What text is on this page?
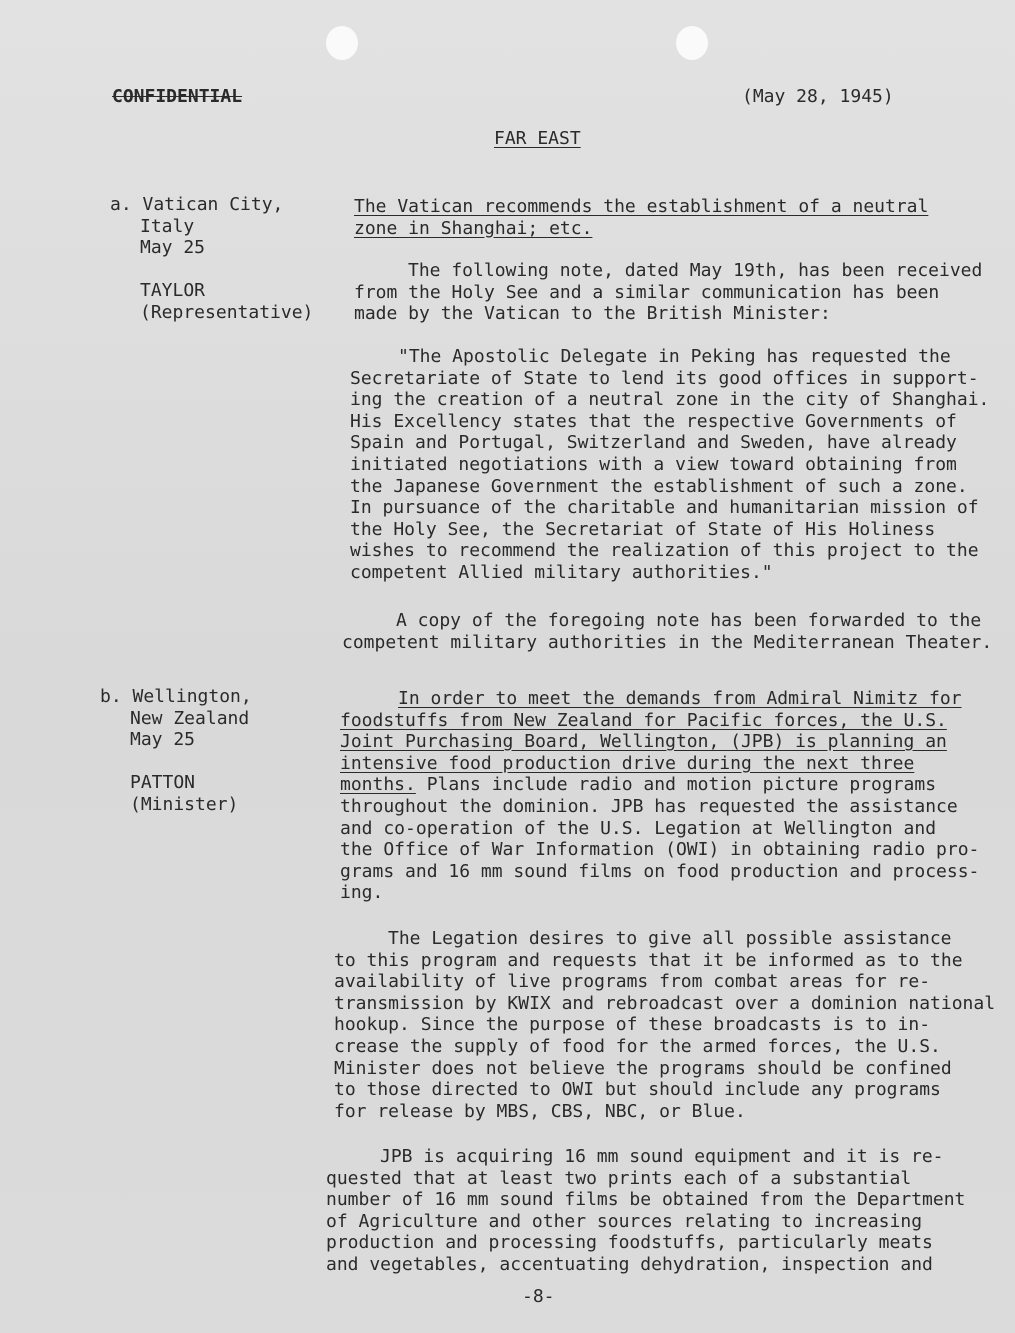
CONFIDENTIAL	(May 28, 1945)
FAR EAST
a. Vatican City,
Italy
May 25

TAYLOR
(Representative)
The Vatican recommends the establishment of a neutral
zone in Shanghai; etc.
The following note, dated May 19th, has been received
from the Holy See and a similar communication has been
made by the Vatican to the British Minister:
"The Apostolic Delegate in Peking has requested the
Secretariate of State to lend its good offices in support-
ing the creation of a neutral zone in the city of Shanghai.
His Excellency states that the respective Governments of
Spain and Portugal, Switzerland and Sweden, have already
initiated negotiations with a view toward obtaining from
the Japanese Government the establishment of such a zone.
In pursuance of the charitable and humanitarian mission of
the Holy See, the Secretariat of State of His Holiness
wishes to recommend the realization of this project to the
competent Allied military authorities."
A copy of the foregoing note has been forwarded to the
competent military authorities in the Mediterranean Theater.
b. Wellington,
New Zealand
May 25

PATTON
(Minister)
In order to meet the demands from Admiral Nimitz for
foodstuffs from New Zealand for Pacific forces, the U.S.
Joint Purchasing Board, Wellington, (JPB) is planning an
intensive food production drive during the next three
months. Plans include radio and motion picture programs
throughout the dominion. JPB has requested the assistance
and co-operation of the U.S. Legation at Wellington and
the Office of War Information (OWI) in obtaining radio pro-
grams and 16 mm sound films on food production and process-
ing.
The Legation desires to give all possible assistance
to this program and requests that it be informed as to the
availability of live programs from combat areas for re-
transmission by KWIX and rebroadcast over a dominion national
hookup. Since the purpose of these broadcasts is to in-
crease the supply of food for the armed forces, the U.S.
Minister does not believe the programs should be confined
to those directed to OWI but should include any programs
for release by MBS, CBS, NBC, or Blue.
JPB is acquiring 16 mm sound equipment and it is re-
quested that at least two prints each of a substantial
number of 16 mm sound films be obtained from the Department
of Agriculture and other sources relating to increasing
production and processing foodstuffs, particularly meats
and vegetables, accentuating dehydration, inspection and
-8-
